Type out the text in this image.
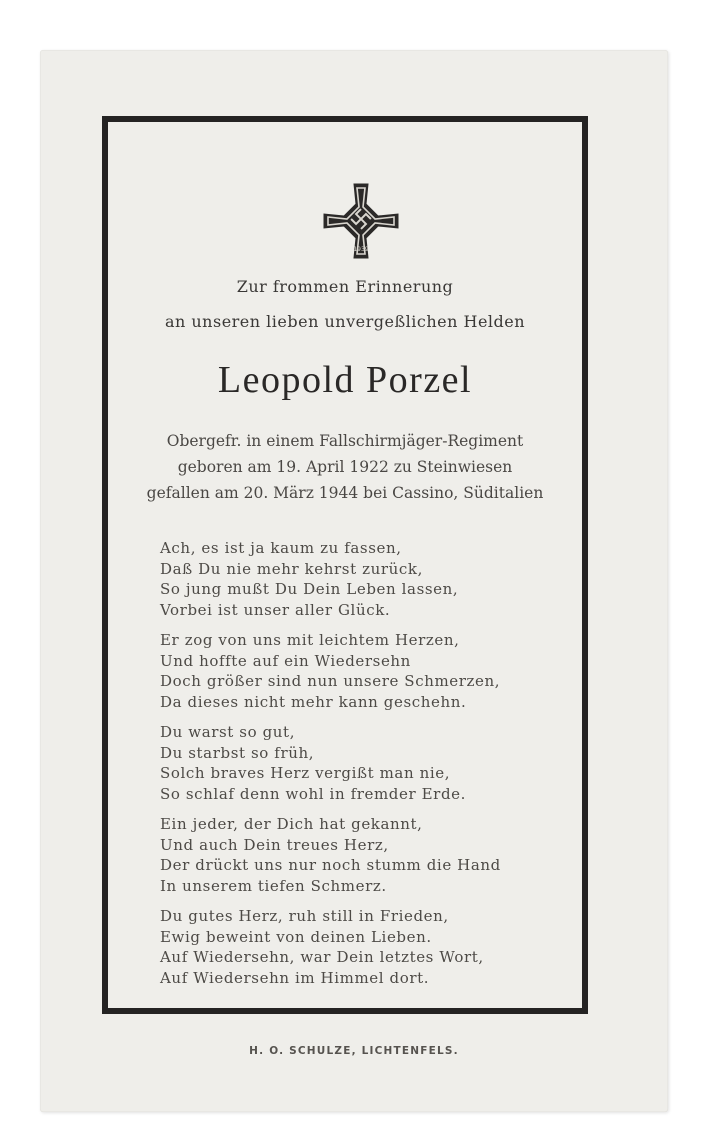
1939

Zur frommen Erinnerung

an unseren lieben unvergeßlichen Helden

Leopold Porzel

Obergefr. in einem Fallschirmjäger-Regiment
geboren am 19. April 1922 zu Steinwiesen
gefallen am 20. März 1944 bei Cassino, Süditalien
Ach, es ist ja kaum zu fassen,
Daß Du nie mehr kehrst zurück,
So jung mußt Du Dein Leben lassen,
Vorbei ist unser aller Glück.
Er zog von uns mit leichtem Herzen,
Und hoffte auf ein Wiedersehn
Doch größer sind nun unsere Schmerzen,
Da dieses nicht mehr kann geschehn.
Du warst so gut,
Du starbst so früh,
Solch braves Herz vergißt man nie,
So schlaf denn wohl in fremder Erde.
Ein jeder, der Dich hat gekannt,
Und auch Dein treues Herz,
Der drückt uns nur noch stumm die Hand
In unserem tiefen Schmerz.
Du gutes Herz, ruh still in Frieden,
Ewig beweint von deinen Lieben.
Auf Wiedersehn, war Dein letztes Wort,
Auf Wiedersehn im Himmel dort.
H. O. SCHULZE, LICHTENFELS.
